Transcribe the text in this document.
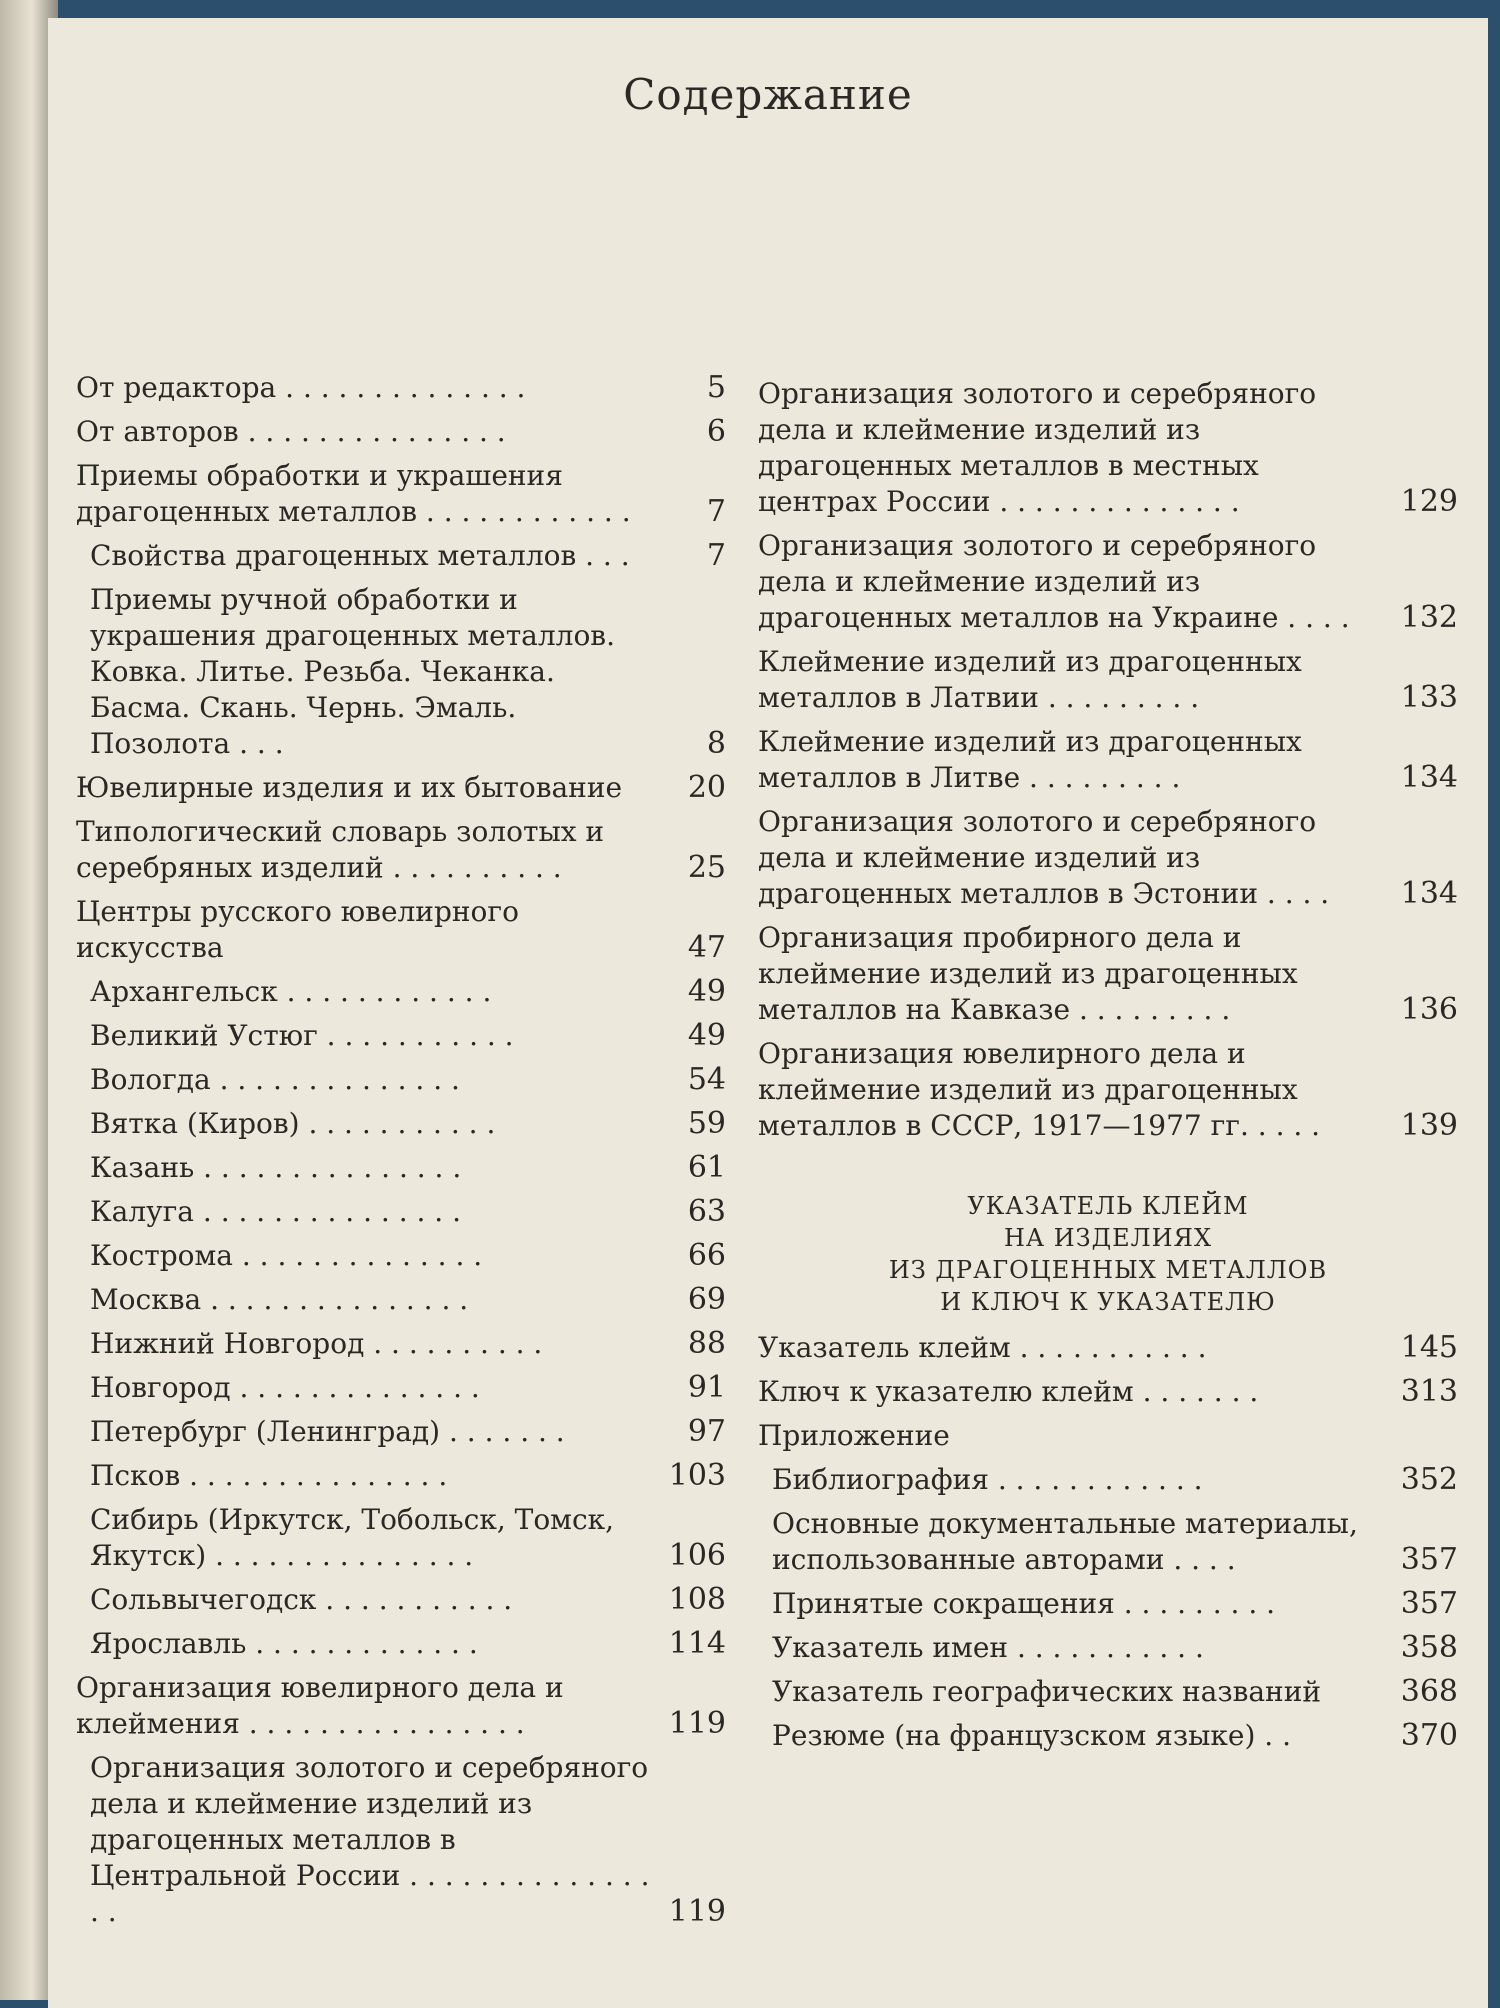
Содержание
От редактора . . . . . . . . . . . . . .	5
От авторов . . . . . . . . . . . . . . .	6
Приемы обработки и украшения драгоценных металлов . . . . . . . . . . . .	7
Свойства драгоценных металлов . . .	7
Приемы ручной обработки и украшения драгоценных металлов. Ковка. Литье. Резьба. Чеканка. Басма. Скань. Чернь. Эмаль. Позолота . . .	8
Ювелирные изделия и их бытование	20
Типологический словарь золотых и серебряных изделий . . . . . . . . . .	25
Центры русского ювелирного искусства	47
Архангельск . . . . . . . . . . . .	49
Великий Устюг . . . . . . . . . . .	49
Вологда . . . . . . . . . . . . . .	54
Вятка (Киров) . . . . . . . . . . .	59
Казань . . . . . . . . . . . . . . .	61
Калуга . . . . . . . . . . . . . . .	63
Кострома . . . . . . . . . . . . . .	66
Москва . . . . . . . . . . . . . . .	69
Нижний Новгород . . . . . . . . . .	88
Новгород . . . . . . . . . . . . . .	91
Петербург (Ленинград) . . . . . . .	97
Псков . . . . . . . . . . . . . . .	103
Сибирь (Иркутск, Тобольск, Томск, Якутск) . . . . . . . . . . . . . . .	106
Сольвычегодск . . . . . . . . . . .	108
Ярославль . . . . . . . . . . . . .	114
Организация ювелирного дела и клеймения . . . . . . . . . . . . . . . .	119
Организация золотого и серебряного дела и клеймение изделий из драгоценных металлов в Центральной России . . . . . . . . . . . . . . . .	119
Организация золотого и серебряного дела и клеймение изделий из драгоценных металлов в местных центрах России . . . . . . . . . . . . . .	129
Организация золотого и серебряного дела и клеймение изделий из драгоценных металлов на Украине . . . .	132
Клеймение изделий из драгоценных металлов в Латвии . . . . . . . . .	133
Клеймение изделий из драгоценных металлов в Литве . . . . . . . . .	134
Организация золотого и серебряного дела и клеймение изделий из драгоценных металлов в Эстонии . . . .	134
Организация пробирного дела и клеймение изделий из драгоценных металлов на Кавказе . . . . . . . . .	136
Организация ювелирного дела и клеймение изделий из драгоценных металлов в СССР, 1917—1977 гг. . . . .	139
УКАЗАТЕЛЬ КЛЕЙМ
НА ИЗДЕЛИЯХ
ИЗ ДРАГОЦЕННЫХ МЕТАЛЛОВ
И КЛЮЧ К УКАЗАТЕЛЮ
Указатель клейм . . . . . . . . . . .	145
Ключ к указателю клейм . . . . . . .	313
Приложение
Библиография . . . . . . . . . . . .	352
Основные документальные материалы, использованные авторами . . . .	357
Принятые сокращения . . . . . . . . .	357
Указатель имен . . . . . . . . . . .	358
Указатель географических названий	368
Резюме (на французском языке) . .	370
